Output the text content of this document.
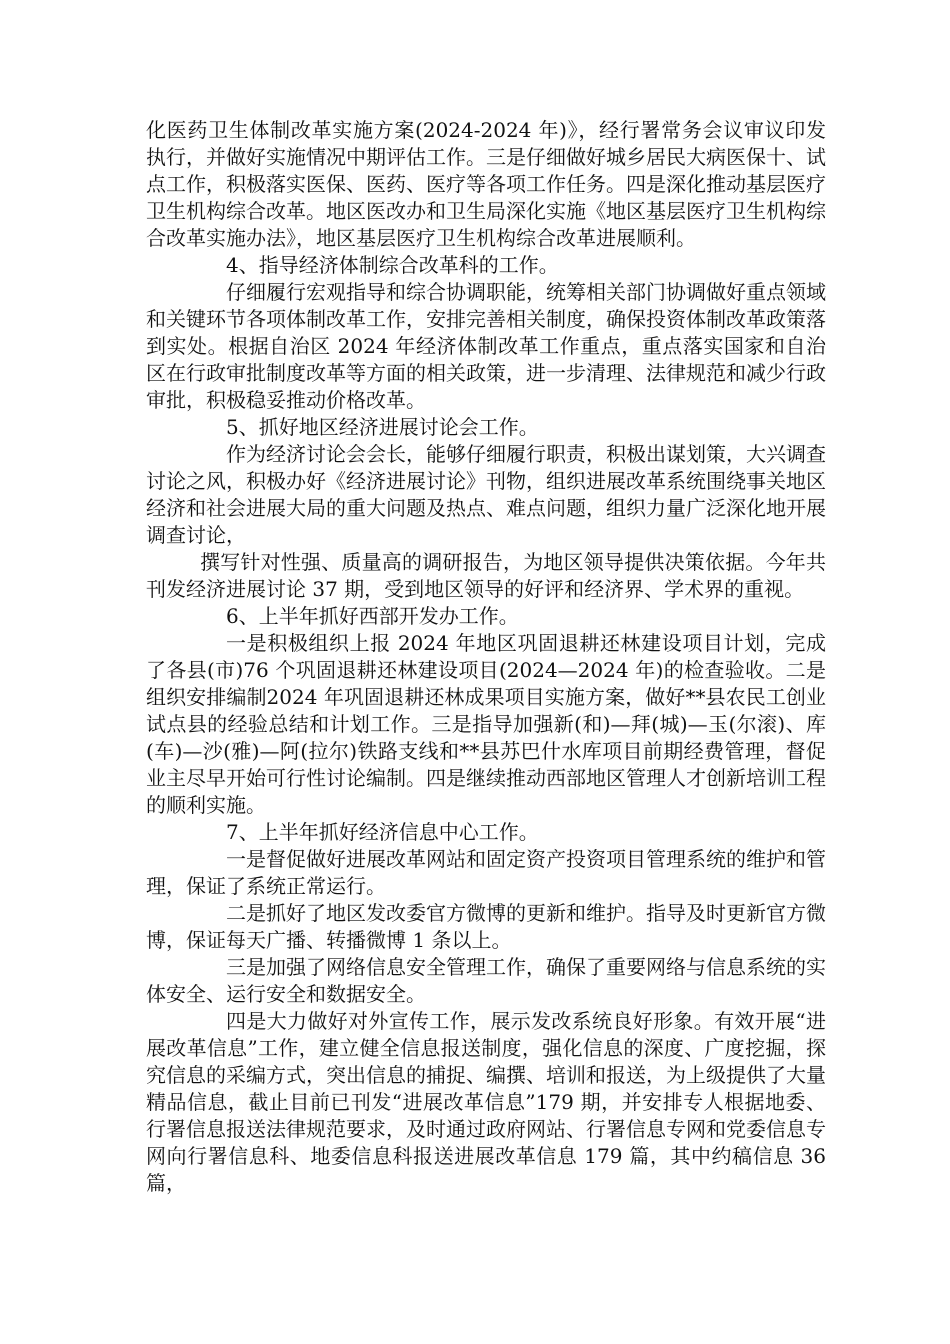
化医药卫生体制改革实施方案(2024-2024 年)》，经行署常务会议审议印发执行，并做好实施情况中期评估工作。三是仔细做好城乡居民大病医保十、试点工作，积极落实医保、医药、医疗等各项工作任务。四是深化推动基层医疗卫生机构综合改革。地区医改办和卫生局深化实施《地区基层医疗卫生机构综合改革实施办法》，地区基层医疗卫生机构综合改革进展顺利。

4、指导经济体制综合改革科的工作。

仔细履行宏观指导和综合协调职能，统筹相关部门协调做好重点领域和关键环节各项体制改革工作，安排完善相关制度，确保投资体制改革政策落到实处。根据自治区 2024 年经济体制改革工作重点，重点落实国家和自治区在行政审批制度改革等方面的相关政策，进一步清理、法律规范和减少行政审批，积极稳妥推动价格改革。

5、抓好地区经济进展讨论会工作。

作为经济讨论会会长，能够仔细履行职责，积极出谋划策，大兴调查讨论之风，积极办好《经济进展讨论》刊物，组织进展改革系统围绕事关地区经济和社会进展大局的重大问题及热点、难点问题，组织力量广泛深化地开展调查讨论，

撰写针对性强、质量高的调研报告，为地区领导提供决策依据。今年共刊发经济进展讨论 37 期，受到地区领导的好评和经济界、学术界的重视。

6、上半年抓好西部开发办工作。

一是积极组织上报 2024 年地区巩固退耕还林建设项目计划，完成了各县(市)76 个巩固退耕还林建设项目(2024—2024 年)的检查验收。二是组织安排编制2024 年巩固退耕还林成果项目实施方案，做好**县农民工创业试点县的经验总结和计划工作。三是指导加强新(和)—拜(城)—玉(尔滚)、库(车)—沙(雅)—阿(拉尔)铁路支线和**县苏巴什水库项目前期经费管理，督促业主尽早开始可行性讨论编制。四是继续推动西部地区管理人才创新培训工程的顺利实施。

7、上半年抓好经济信息中心工作。

一是督促做好进展改革网站和固定资产投资项目管理系统的维护和管理，保证了系统正常运行。

二是抓好了地区发改委官方微博的更新和维护。指导及时更新官方微博，保证每天广播、转播微博 1 条以上。

三是加强了网络信息安全管理工作，确保了重要网络与信息系统的实体安全、运行安全和数据安全。

四是大力做好对外宣传工作，展示发改系统良好形象。有效开展“进展改革信息”工作，建立健全信息报送制度，强化信息的深度、广度挖掘，探究信息的采编方式，突出信息的捕捉、编撰、培训和报送，为上级提供了大量精品信息，截止目前已刊发“进展改革信息”179 期，并安排专人根据地委、行署信息报送法律规范要求，及时通过政府网站、行署信息专网和党委信息专网向行署信息科、地委信息科报送进展改革信息 179 篇，其中约稿信息 36 篇，
